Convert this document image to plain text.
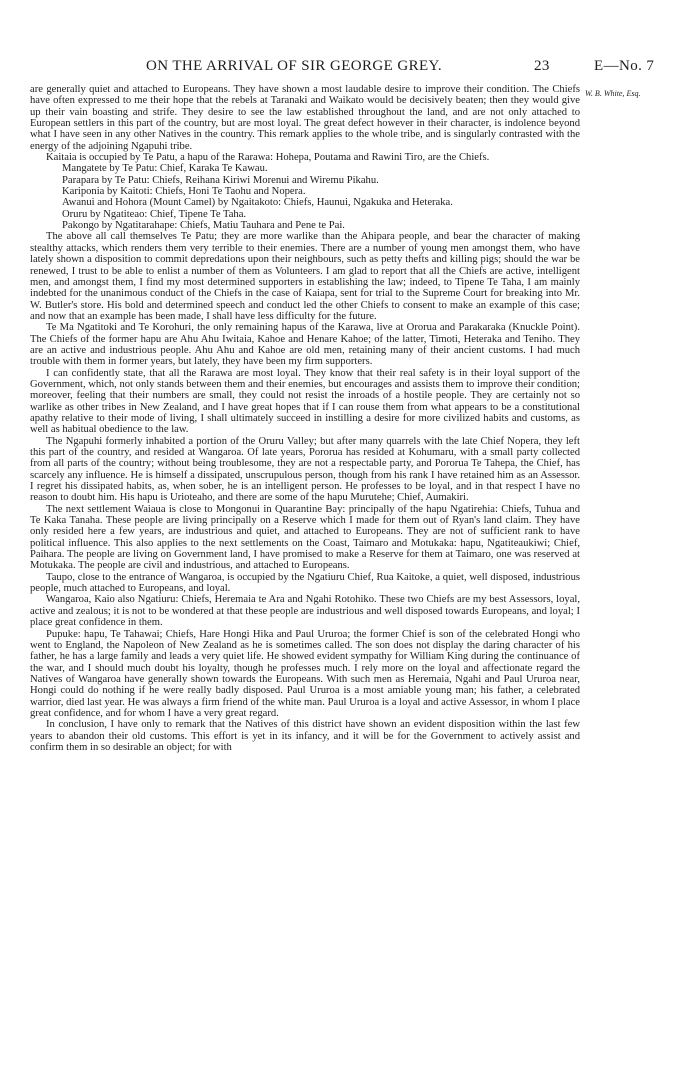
ON THE ARRIVAL OF SIR GEORGE GREY.	23	E—No. 7
W. B. White, Esq.

are generally quiet and attached to Europeans. They have shown a most laudable desire to improve their condition. The Chiefs have often expressed to me their hope that the rebels at Taranaki and Waikato would be decisively beaten; then they would give up their vain boasting and strife. They desire to see the law established throughout the land, and are not only attached to European settlers in this part of the country, but are most loyal. The great defect however in their character, is indolence beyond what I have seen in any other Natives in the country. This remark applies to the whole tribe, and is singularly contrasted with the energy of the adjoining Ngapuhi tribe.

Kaitaia is occupied by Te Patu, a hapu of the Rarawa: Hohepa, Poutama and Rawini Tiro, are the Chiefs.

Mangatete by Te Patu: Chief, Karaka Te Kawau.

Parapara by Te Patu: Chiefs, Reihana Kiriwi Morenui and Wiremu Pikahu.

Kariponia by Kaitoti: Chiefs, Honi Te Taohu and Nopera.

Awanui and Hohora (Mount Camel) by Ngaitakoto: Chiefs, Haunui, Ngakuka and Heteraka.

Oruru by Ngatiteao: Chief, Tipene Te Taha.

Pakongo by Ngatitarahape: Chiefs, Matiu Tauhara and Pene te Pai.

The above all call themselves Te Patu; they are more warlike than the Ahipara people, and bear the character of making stealthy attacks, which renders them very terrible to their enemies. There are a number of young men amongst them, who have lately shown a disposition to commit depredations upon their neighbours, such as petty thefts and killing pigs; should the war be renewed, I trust to be able to enlist a number of them as Volunteers. I am glad to report that all the Chiefs are active, intelligent men, and amongst them, I find my most determined supporters in establishing the law; indeed, to Tipene Te Taha, I am mainly indebted for the unanimous conduct of the Chiefs in the case of Kaiapa, sent for trial to the Supreme Court for breaking into Mr. W. Butler's store. His bold and determined speech and conduct led the other Chiefs to consent to make an example of this case; and now that an example has been made, I shall have less difficulty for the future.

Te Ma Ngatitoki and Te Korohuri, the only remaining hapus of the Karawa, live at Ororua and Parakaraka (Knuckle Point). The Chiefs of the former hapu are Ahu Ahu Iwitaia, Kahoe and Henare Kahoe; of the latter, Timoti, Heteraka and Teniho. They are an active and industrious people. Ahu Ahu and Kahoe are old men, retaining many of their ancient customs. I had much trouble with them in former years, but lately, they have been my firm supporters.

I can confidently state, that all the Rarawa are most loyal. They know that their real safety is in their loyal support of the Government, which, not only stands between them and their enemies, but encourages and assists them to improve their condition; moreover, feeling that their numbers are small, they could not resist the inroads of a hostile people. They are certainly not so warlike as other tribes in New Zealand, and I have great hopes that if I can rouse them from what appears to be a constitutional apathy relative to their mode of living, I shall ultimately succeed in instilling a desire for more civilized habits and customs, as well as habitual obedience to the law.

The Ngapuhi formerly inhabited a portion of the Oruru Valley; but after many quarrels with the late Chief Nopera, they left this part of the country, and resided at Wangaroa. Of late years, Pororua has resided at Kohumaru, with a small party collected from all parts of the country; without being troublesome, they are not a respectable party, and Pororua Te Tahepa, the Chief, has scarcely any influence. He is himself a dissipated, unscrupulous person, though from his rank I have retained him as an Assessor. I regret his dissipated habits, as, when sober, he is an intelligent person. He professes to be loyal, and in that respect I have no reason to doubt him. His hapu is Urioteaho, and there are some of the hapu Murutehe; Chief, Aumakiri.

The next settlement Waiaua is close to Mongonui in Quarantine Bay: principally of the hapu Ngatirehia: Chiefs, Tuhua and Te Kaka Tanaha. These people are living principally on a Reserve which I made for them out of Ryan's land claim. They have only resided here a few years, are industrious and quiet, and attached to Europeans. They are not of sufficient rank to have political influence. This also applies to the next settlements on the Coast, Taimaro and Motukaka: hapu, Ngatiteaukiwi; Chief, Paihara. The people are living on Government land, I have promised to make a Reserve for them at Taimaro, one was reserved at Motukaka. The people are civil and industrious, and attached to Europeans.

Taupo, close to the entrance of Wangaroa, is occupied by the Ngatiuru Chief, Rua Kaitoke, a quiet, well disposed, industrious people, much attached to Europeans, and loyal.

Wangaroa, Kaio also Ngatiuru: Chiefs, Heremaia te Ara and Ngahi Rotohiko. These two Chiefs are my best Assessors, loyal, active and zealous; it is not to be wondered at that these people are industrious and well disposed towards Europeans, and loyal; I place great confidence in them.

Pupuke: hapu, Te Tahawai; Chiefs, Hare Hongi Hika and Paul Ururoa; the former Chief is son of the celebrated Hongi who went to England, the Napoleon of New Zealand as he is sometimes called. The son does not display the daring character of his father, he has a large family and leads a very quiet life. He showed evident sympathy for William King during the continuance of the war, and I should much doubt his loyalty, though he professes much. I rely more on the loyal and affectionate regard the Natives of Wangaroa have generally shown towards the Europeans. With such men as Heremaia, Ngahi and Paul Ururoa near, Hongi could do nothing if he were really badly disposed. Paul Ururoa is a most amiable young man; his father, a celebrated warrior, died last year. He was always a firm friend of the white man. Paul Ururoa is a loyal and active Assessor, in whom I place great confidence, and for whom I have a very great regard.

In conclusion, I have only to remark that the Natives of this district have shown an evident disposition within the last few years to abandon their old customs. This effort is yet in its infancy, and it will be for the Government to actively assist and confirm them in so desirable an object; for with
